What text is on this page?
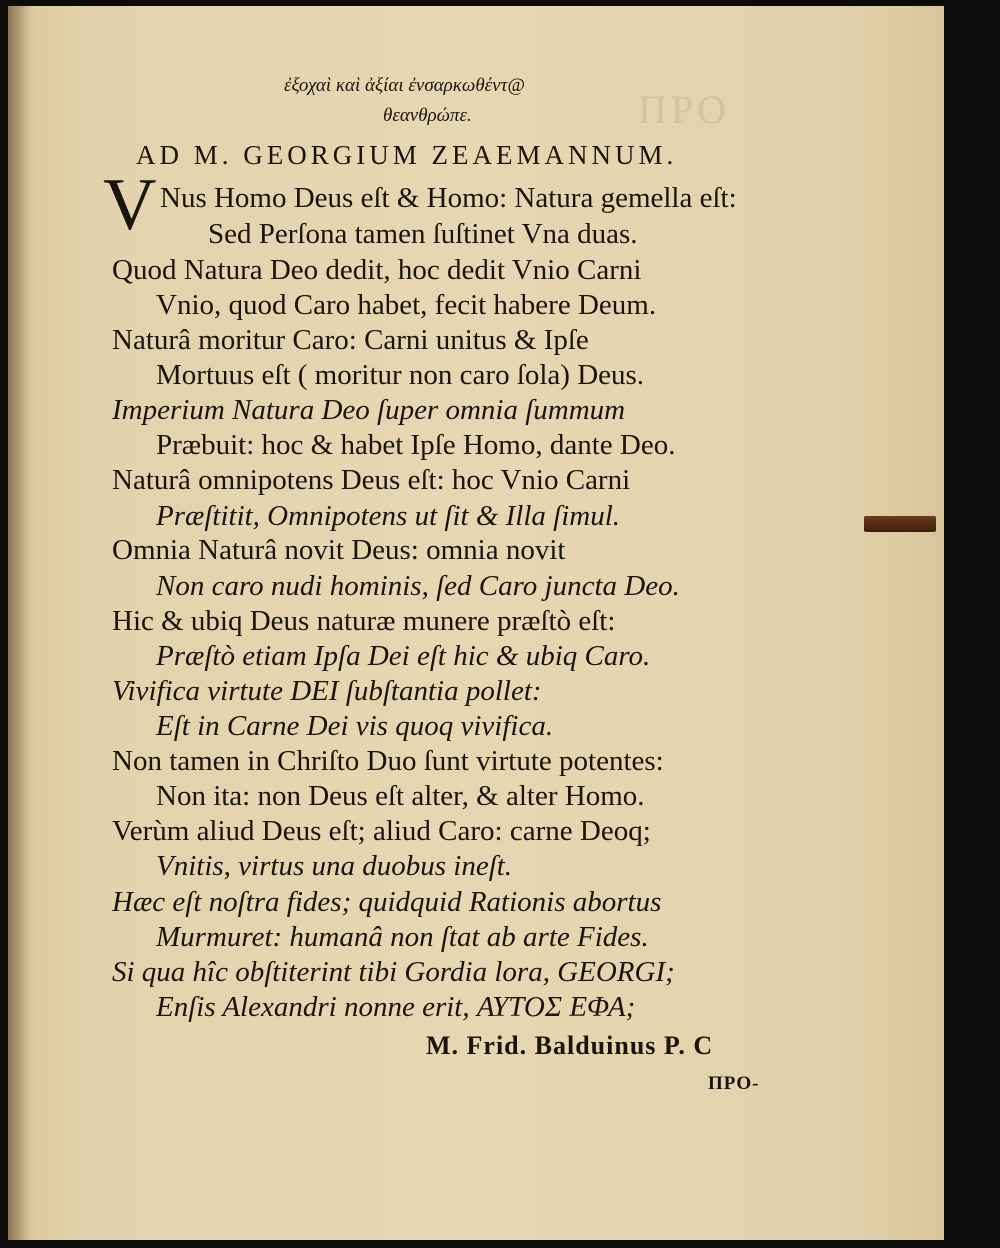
ΠΡΟ
ἐξοχαὶ καὶ ἀξίαι ἐνσαρκωθέντ@
θεανθρώπε.
AD M. GEORGIUM ZEAEMANNUM.
V Nus Homo Deus eſt & Homo: Natura gemella eſt:
Sed Perſona tamen ſuſtinet Vna duas.
Quod Natura Deo dedit, hoc dedit Vnio Carni
Vnio, quod Caro habet, fecit habere Deum.
Naturâ moritur Caro: Carni unitus & Ipſe
Mortuus eſt ( moritur non caro ſola) Deus.
Imperium Natura Deo ſuper omnia ſummum
Præbuit: hoc & habet Ipſe Homo, dante Deo.
Naturâ omnipotens Deus eſt: hoc Vnio Carni
Præſtitit, Omnipotens ut ſit & Illa ſimul.
Omnia Naturâ novit Deus: omnia novit
Non caro nudi hominis, ſed Caro juncta Deo.
Hic & ubiq Deus naturæ munere præſtò eſt:
Præſtò etiam Ipſa Dei eſt hic & ubiq Caro.
Vivifica virtute DEI ſubſtantia pollet:
Eſt in Carne Dei vis quoq vivifica.
Non tamen in Chriſto Duo ſunt virtute potentes:
Non ita: non Deus eſt alter, & alter Homo.
Verùm aliud Deus eſt; aliud Caro: carne Deoq;
Vnitis, virtus una duobus ineſt.
Hæc eſt noſtra fides; quidquid Rationis abortus
Murmuret: humanâ non ſtat ab arte Fides.
Si qua hîc obſtiterint tibi Gordia lora, GEORGI;
Enſis Alexandri nonne erit, ΑΥΤΟΣ ΕΦΑ;
M. Frid. Balduinus P. C
ΠΡΟ-
